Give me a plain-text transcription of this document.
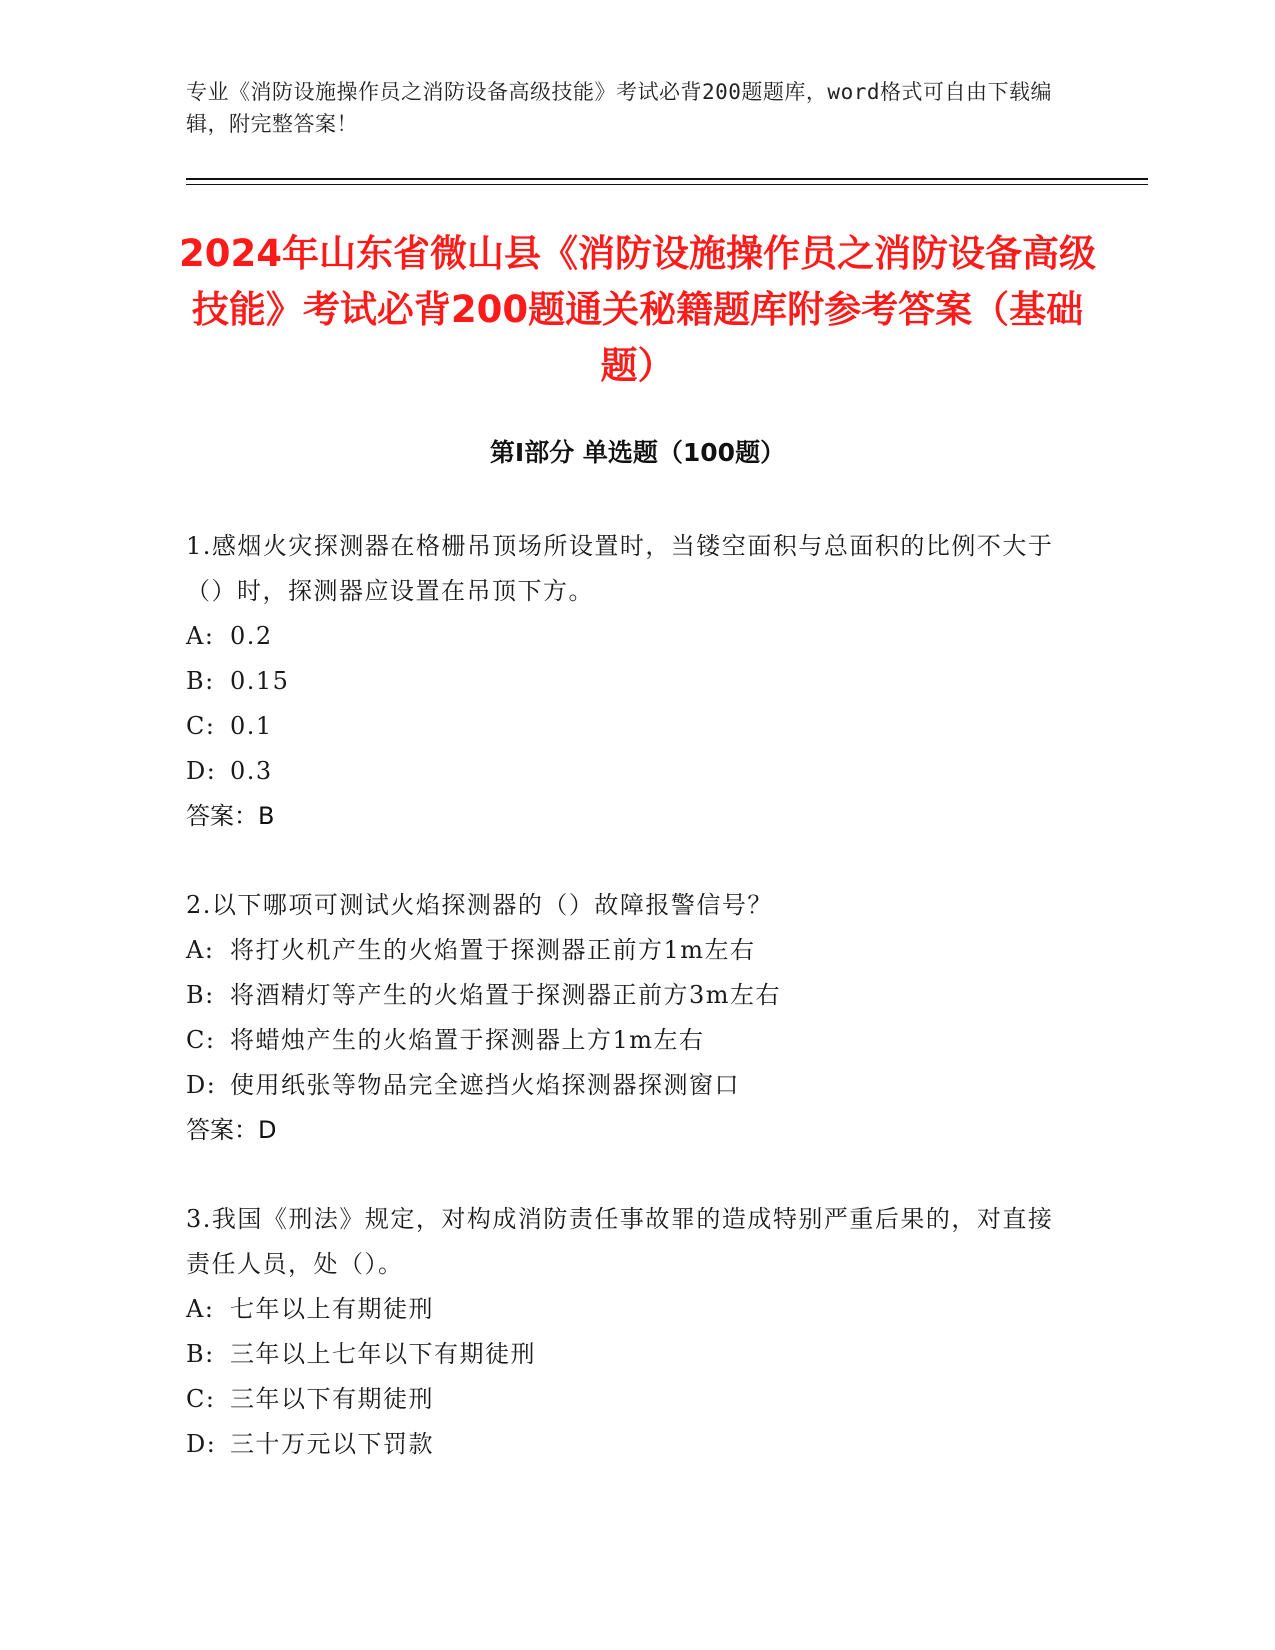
专业《消防设施操作员之消防设备高级技能》考试必背200题题库，word格式可自由下载编辑，附完整答案！
2024年山东省微山县《消防设施操作员之消防设备高级技能》考试必背200题通关秘籍题库附参考答案（基础题）
第I部分 单选题（100题）

1.感烟火灾探测器在格栅吊顶场所设置时，当镂空面积与总面积的比例不大于（）时，探测器应设置在吊顶下方。

A: 0.2
B: 0.15
C: 0.1
D: 0.3

答案：B

2.以下哪项可测试火焰探测器的（）故障报警信号？

A: 将打火机产生的火焰置于探测器正前方1m左右
B: 将酒精灯等产生的火焰置于探测器正前方3m左右
C: 将蜡烛产生的火焰置于探测器上方1m左右
D: 使用纸张等物品完全遮挡火焰探测器探测窗口

答案：D

3.我国《刑法》规定，对构成消防责任事故罪的造成特别严重后果的，对直接责任人员，处（）。

A: 七年以上有期徒刑
B: 三年以上七年以下有期徒刑
C: 三年以下有期徒刑
D: 三十万元以下罚款
